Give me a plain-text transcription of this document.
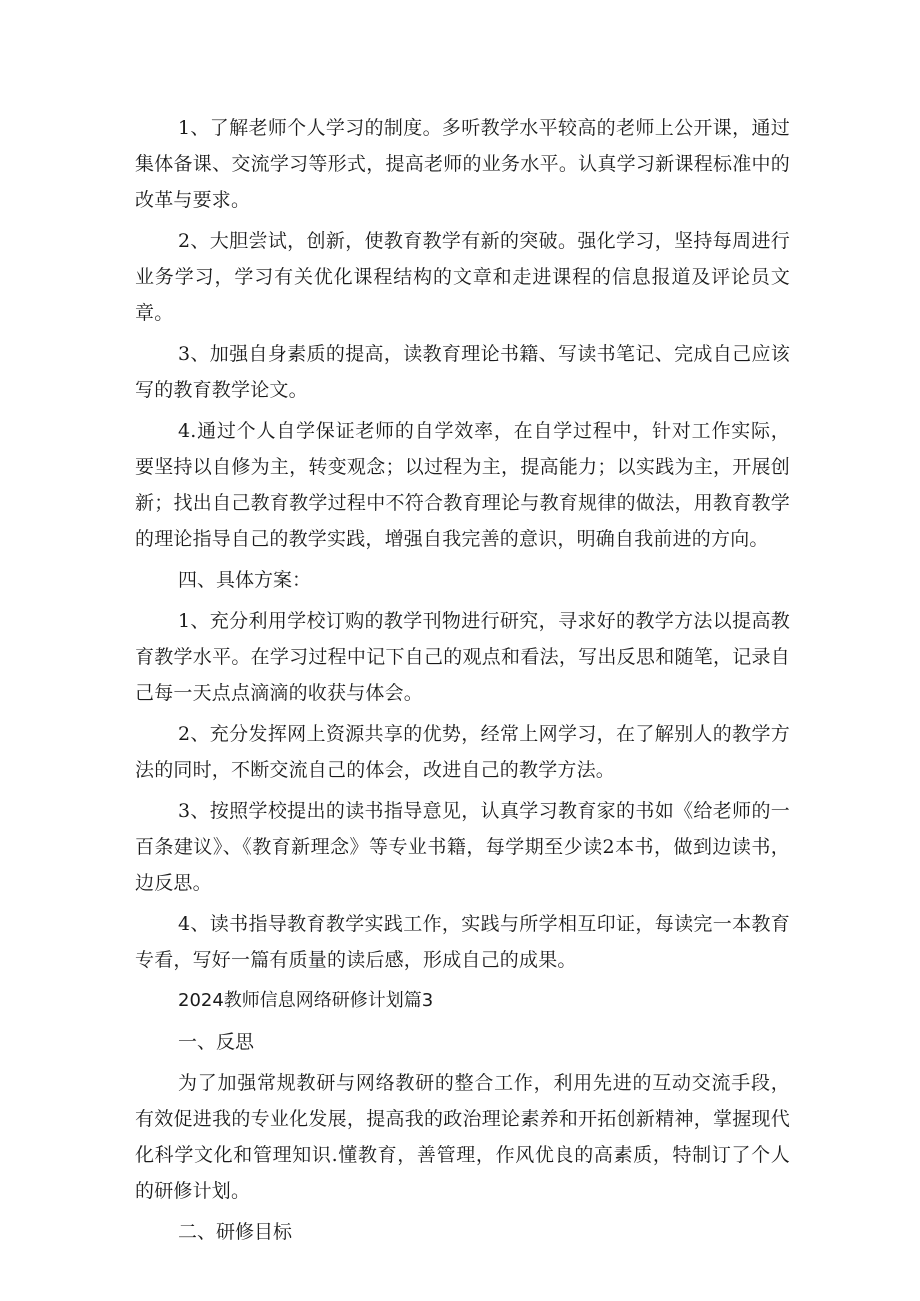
1、了解老师个人学习的制度。多听教学水平较高的老师上公开课，通过集体备课、交流学习等形式，提高老师的业务水平。认真学习新课程标准中的改革与要求。

2、大胆尝试，创新，使教育教学有新的突破。强化学习，坚持每周进行业务学习，学习有关优化课程结构的文章和走进课程的信息报道及评论员文章。

3、加强自身素质的提高，读教育理论书籍、写读书笔记、完成自己应该写的教育教学论文。

4.通过个人自学保证老师的自学效率，在自学过程中，针对工作实际，要坚持以自修为主，转变观念；以过程为主，提高能力；以实践为主，开展创新；找出自己教育教学过程中不符合教育理论与教育规律的做法，用教育教学的理论指导自己的教学实践，增强自我完善的意识，明确自我前进的方向。

四、具体方案：

1、充分利用学校订购的教学刊物进行研究，寻求好的教学方法以提高教育教学水平。在学习过程中记下自己的观点和看法，写出反思和随笔，记录自己每一天点点滴滴的收获与体会。

2、充分发挥网上资源共享的优势，经常上网学习，在了解别人的教学方法的同时，不断交流自己的体会，改进自己的教学方法。

3、按照学校提出的读书指导意见，认真学习教育家的书如《给老师的一百条建议》、《教育新理念》等专业书籍，每学期至少读2本书，做到边读书，边反思。

4、读书指导教育教学实践工作，实践与所学相互印证，每读完一本教育专看，写好一篇有质量的读后感，形成自己的成果。

2024教师信息网络研修计划篇3

一、反思

为了加强常规教研与网络教研的整合工作，利用先进的互动交流手段，有效促进我的专业化发展，提高我的政治理论素养和开拓创新精神，掌握现代化科学文化和管理知识.懂教育，善管理，作风优良的高素质，特制订了个人的研修计划。

二、研修目标
